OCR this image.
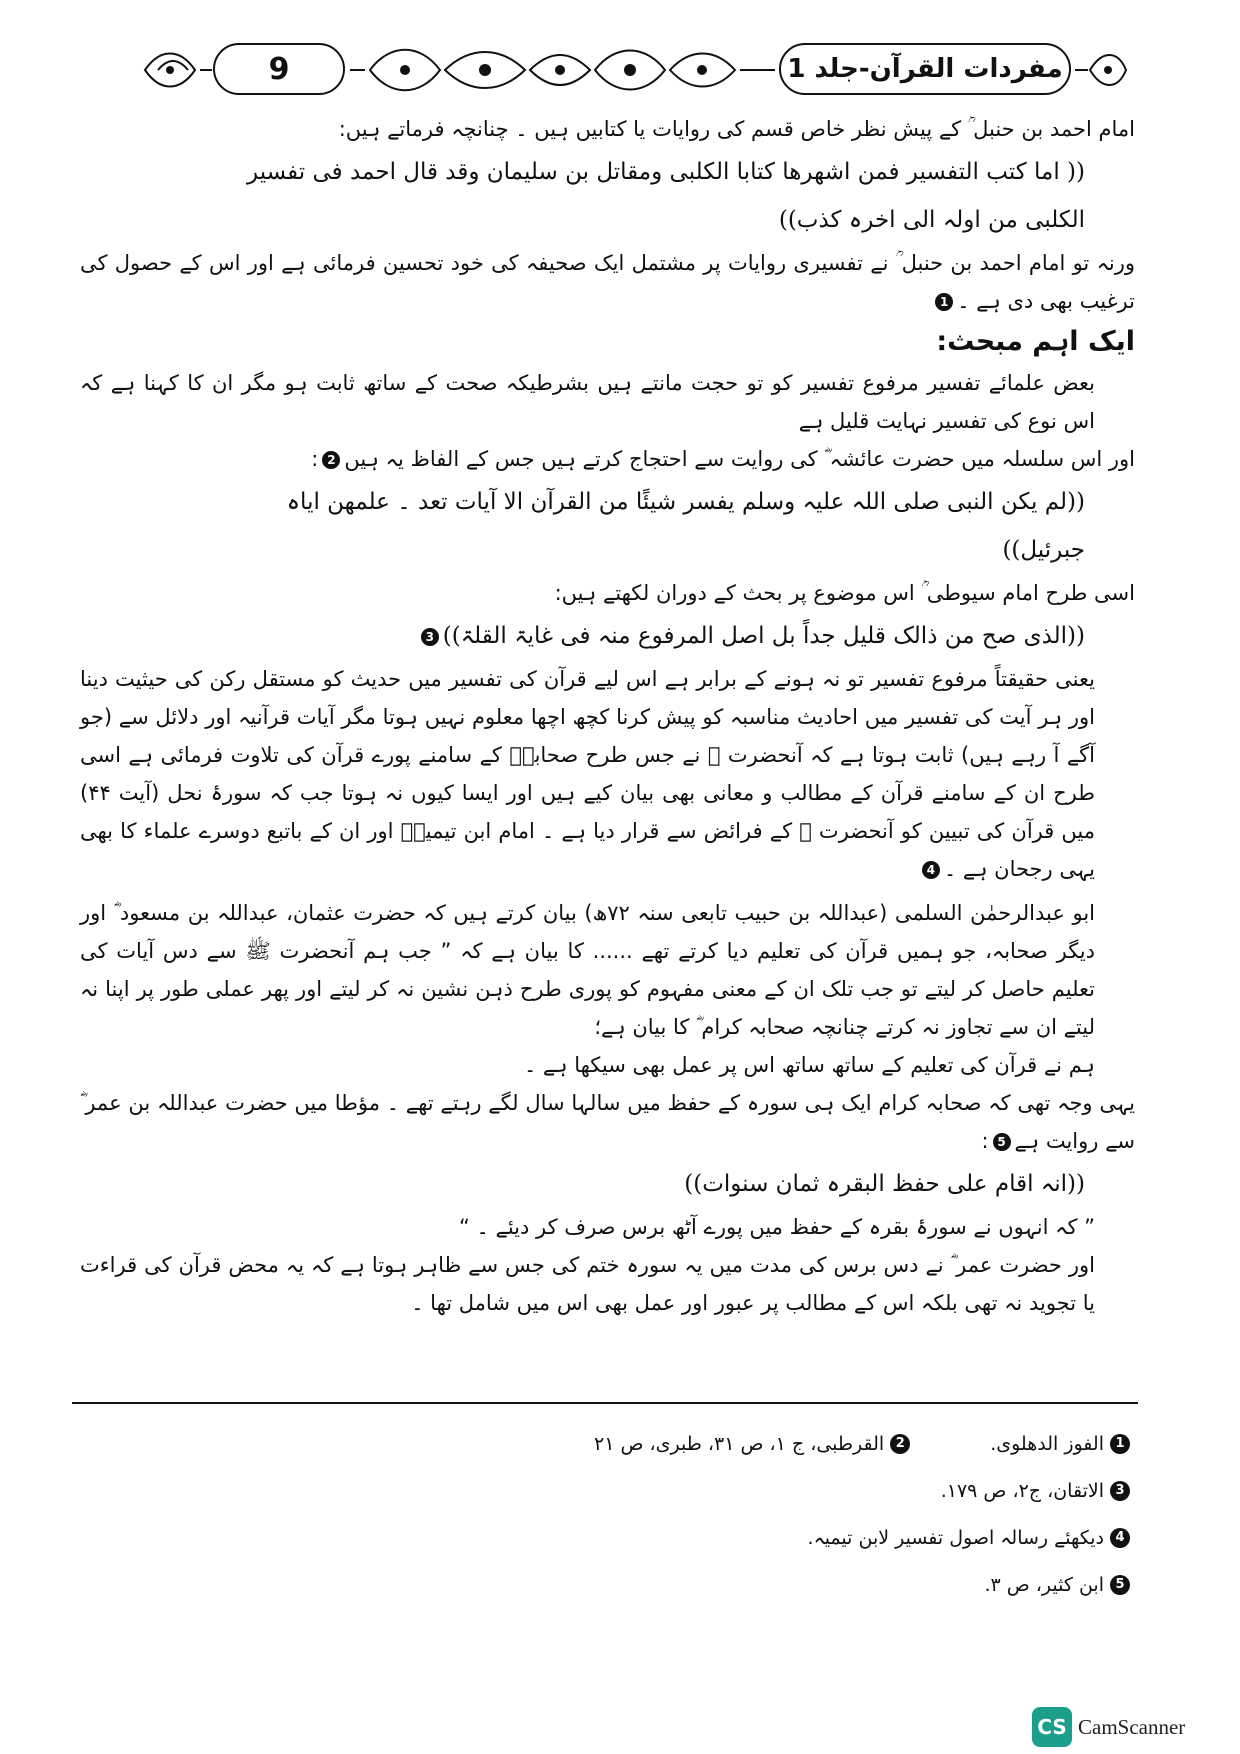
9	مفردات القرآن-جلد 1

امام احمد بن حنبل ؒ کے پیش نظر خاص قسم کی روایات یا کتابیں ہیں ۔ چنانچہ فرماتے ہیں:

(( اما کتب التفسیر فمن اشھرھا کتابا الکلبی ومقاتل بن سلیمان وقد قال احمد فی تفسیر

الکلبی من اولہ الی اخرہ کذب))

ورنہ تو امام احمد بن حنبل ؒ نے تفسیری روایات پر مشتمل ایک صحیفہ کی خود تحسین فرمائی ہے اور اس کے حصول کی ترغیب بھی دی ہے ۔1

ایک اہم مبحث:

بعض علمائے تفسیر مرفوع تفسیر کو تو حجت مانتے ہیں بشرطیکہ صحت کے ساتھ ثابت ہو مگر ان کا کہنا ہے کہ اس نوع کی تفسیر نہایت قلیل ہے

اور اس سلسلہ میں حضرت عائشہ ؓ کی روایت سے احتجاج کرتے ہیں جس کے الفاظ یہ ہیں2:

((لم یکن النبی صلی اللہ علیہ وسلم یفسر شیئًا من القرآن الا آیات تعد ۔ علمھن ایاہ

جبرئیل))

اسی طرح امام سیوطی ؒ اس موضوع پر بحث کے دوران لکھتے ہیں:

((الذی صح من ذالک قلیل جداً بل اصل المرفوع منہ فی غایۃ القلۃ))3

یعنی حقیقتاً مرفوع تفسیر تو نہ ہونے کے برابر ہے اس لیے قرآن کی تفسیر میں حدیث کو مستقل رکن کی حیثیت دینا اور ہر آیت کی تفسیر میں احادیث مناسبہ کو پیش کرنا کچھ اچھا معلوم نہیں ہوتا مگر آیات قرآنیہ اور دلائل سے (جو آگے آ رہے ہیں) ثابت ہوتا ہے کہ آنحضرت ﷺ نے جس طرح صحابہؓ کے سامنے پورے قرآن کی تلاوت فرمائی ہے اسی طرح ان کے سامنے قرآن کے مطالب و معانی بھی بیان کیے ہیں اور ایسا کیوں نہ ہوتا جب کہ سورۂ نحل (آیت ۴۴) میں قرآن کی تبیین کو آنحضرت ﷺ کے فرائض سے قرار دیا ہے ۔ امام ابن تیمیہؒ اور ان کے باتبع دوسرے علماء کا بھی یہی رجحان ہے ۔4

ابو عبدالرحمٰن السلمی (عبداللہ بن حبیب تابعی سنہ ۷۲ھ) بیان کرتے ہیں کہ حضرت عثمان، عبداللہ بن مسعود ؓ اور دیگر صحابہ، جو ہمیں قرآن کی تعلیم دیا کرتے تھے ...... کا بیان ہے کہ ” جب ہم آنحضرت ﷺ سے دس آیات کی تعلیم حاصل کر لیتے تو جب تلک ان کے معنی مفہوم کو پوری طرح ذہن نشین نہ کر لیتے اور پھر عملی طور پر اپنا نہ لیتے ان سے تجاوز نہ کرتے چنانچہ صحابہ کرام ؓ کا بیان ہے؛

ہم نے قرآن کی تعلیم کے ساتھ ساتھ اس پر عمل بھی سیکھا ہے ۔

یہی وجہ تھی کہ صحابہ کرام ایک ہی سورہ کے حفظ میں سالہا سال لگے رہتے تھے ۔ مؤطا میں حضرت عبداللہ بن عمر ؓ سے روایت ہے5:

((انہ اقام علی حفظ البقرہ ثمان سنوات))

” کہ انہوں نے سورۂ بقرہ کے حفظ میں پورے آٹھ برس صرف کر دیئے ۔ “

اور حضرت عمر ؓ نے دس برس کی مدت میں یہ سورہ ختم کی جس سے ظاہر ہوتا ہے کہ یہ محض قرآن کی قراءت یا تجوید نہ تھی بلکہ اس کے مطالب پر عبور اور عمل بھی اس میں شامل تھا ۔

1
الفوز الدھلوی.
2
القرطبی، ج ۱، ص ۳۱، طبری، ص ۲۱
3
الاتقان، ج۲، ص ۱۷۹.
4
دیکھئے رسالہ اصول تفسیر لابن تیمیہ.
5
ابن کثیر، ص ۳.
CS CamScanner
